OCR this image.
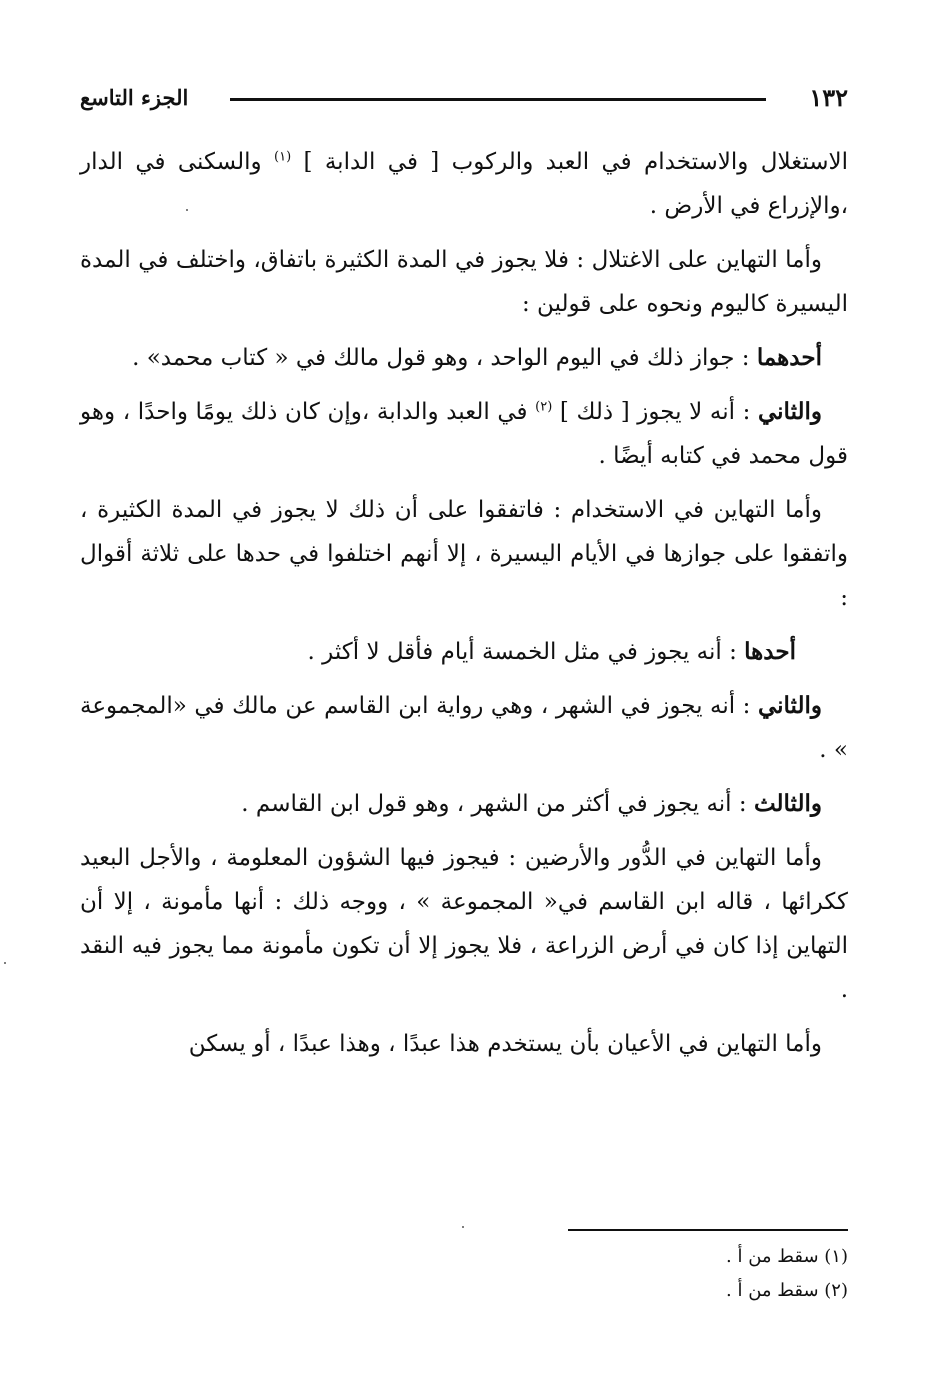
١٣٢
الجزء التاسع

الاستغلال والاستخدام في العبد والركوب [ في الدابة ] $^{(١)}$ والسكنى في الدار ،والإزراع في الأرض .

وأما التهاين على الاغتلال : فلا يجوز في المدة الكثيرة باتفاق، واختلف في المدة اليسيرة كاليوم ونحوه على قولين :

أحدهما : جواز ذلك في اليوم الواحد ، وهو قول مالك في « كتاب محمد» .

والثاني : أنه لا يجوز [ ذلك ] $^{(٢)}$ في العبد والدابة ،وإن كان ذلك يومًا واحدًا ، وهو قول محمد في كتابه أيضًا .

وأما التهاين في الاستخدام : فاتفقوا على أن ذلك لا يجوز في المدة الكثيرة ، واتفقوا على جوازها في الأيام اليسيرة ، إلا أنهم اختلفوا في حدها على ثلاثة أقوال :

أحدها : أنه يجوز في مثل الخمسة أيام فأقل لا أكثر .

والثاني : أنه يجوز في الشهر ، وهي رواية ابن القاسم عن مالك في «المجموعة » .

والثالث : أنه يجوز في أكثر من الشهر ، وهو قول ابن القاسم .

وأما التهاين في الدُّور والأرضين : فيجوز فيها الشؤون المعلومة ، والأجل البعيد ككرائها ، قاله ابن القاسم في« المجموعة » ، ووجه ذلك : أنها مأمونة ، إلا أن التهاين إذا كان في أرض الزراعة ، فلا يجوز إلا أن تكون مأمونة مما يجوز فيه النقد .

وأما التهاين في الأعيان بأن يستخدم هذا عبدًا ، وهذا عبدًا ، أو يسكن

(١) سقط من أ .

(٢) سقط من أ .
